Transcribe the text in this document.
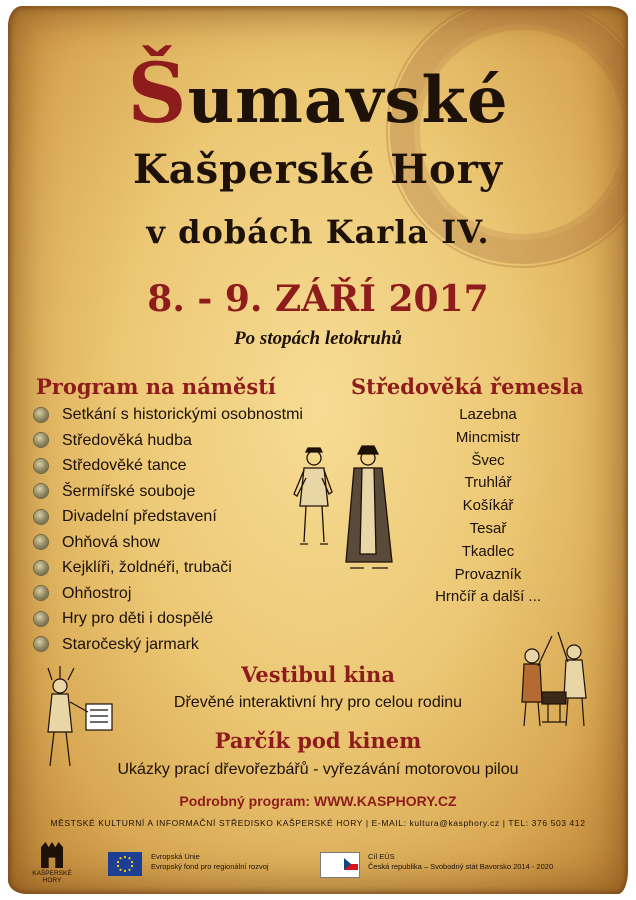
Šumavské
Kašperské Hory
v dobách Karla IV.
8. - 9. ZÁŘÍ 2017
Po stopách letokruhů
Program na náměstí	Středověká řemesla
Setkání s historickými osobnostmi
Středověká hudba
Středověké tance
Šermířské souboje
Divadelní představení
Ohňová show
Kejklíři, žoldnéři, trubači
Ohňostroj
Hry pro děti i dospělé
Staročeský jarmark
Lazebna
Mincmistr
Švec
Truhlář
Košíkář
Tesař
Tkadlec
Provazník
Hrnčíř a další ...
Vestibul kina
Dřevěné interaktivní hry pro celou rodinu
Parčík pod kinem
Ukázky prací dřevořezbářů - vyřezávání motorovou pilou
Podrobný program: WWW.KASPHORY.CZ
MĚSTSKÉ KULTURNÍ A INFORMAČNÍ STŘEDISKO KAŠPERSKÉ HORY | E-MAIL: kultura@kasphory.cz | TEL: 376 503 412
KAŠPERSKÉ HORY
Evropská Unie
Evropský fond pro regionální rozvoj
Cíl EÚS
Česká republika – Svobodný stát Bavorsko 2014 - 2020
